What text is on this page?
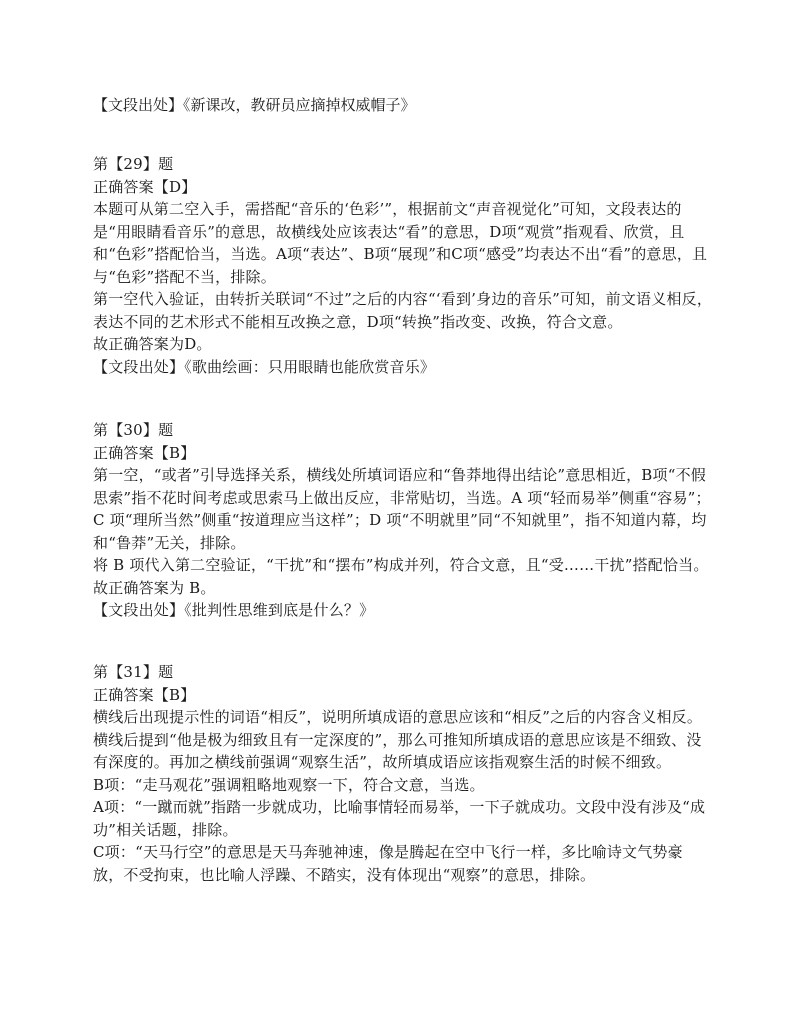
【文段出处】《新课改，教研员应摘掉权威帽子》

第【29】题

正确答案【D】

本题可从第二空入手，需搭配“音乐的‘色彩’”，根据前文“声音视觉化”可知，文段表达的是“用眼睛看音乐”的意思，故横线处应该表达“看”的意思，D项“观赏”指观看、欣赏，且和“色彩”搭配恰当，当选。A项“表达”、B项“展现”和C项“感受”均表达不出“看”的意思，且与“色彩”搭配不当，排除。

第一空代入验证，由转折关联词“不过”之后的内容“‘看到’身边的音乐”可知，前文语义相反，表达不同的艺术形式不能相互改换之意，D项“转换”指改变、改换，符合文意。

故正确答案为D。

【文段出处】《歌曲绘画：只用眼睛也能欣赏音乐》

第【30】题

正确答案【B】

第一空，“或者”引导选择关系，横线处所填词语应和“鲁莽地得出结论”意思相近，B项“不假思索”指不花时间考虑或思索马上做出反应，非常贴切，当选。A 项“轻而易举”侧重“容易”；C 项“理所当然”侧重“按道理应当这样”；D 项“不明就里”同“不知就里”，指不知道内幕，均和“鲁莽”无关，排除。

将 B 项代入第二空验证，“干扰”和“摆布”构成并列，符合文意，且“受……干扰”搭配恰当。

故正确答案为 B。

【文段出处】《批判性思维到底是什么？》

第【31】题

正确答案【B】

横线后出现提示性的词语“相反”，说明所填成语的意思应该和“相反”之后的内容含义相反。横线后提到“他是极为细致且有一定深度的”，那么可推知所填成语的意思应该是不细致、没有深度的。再加之横线前强调“观察生活”，故所填成语应该指观察生活的时候不细致。

B项：“走马观花”强调粗略地观察一下，符合文意，当选。

A项：“一蹴而就”指踏一步就成功，比喻事情轻而易举，一下子就成功。文段中没有涉及“成功”相关话题，排除。

C项：“天马行空”的意思是天马奔驰神速，像是腾起在空中飞行一样，多比喻诗文气势豪放，不受拘束，也比喻人浮躁、不踏实，没有体现出“观察”的意思，排除。
